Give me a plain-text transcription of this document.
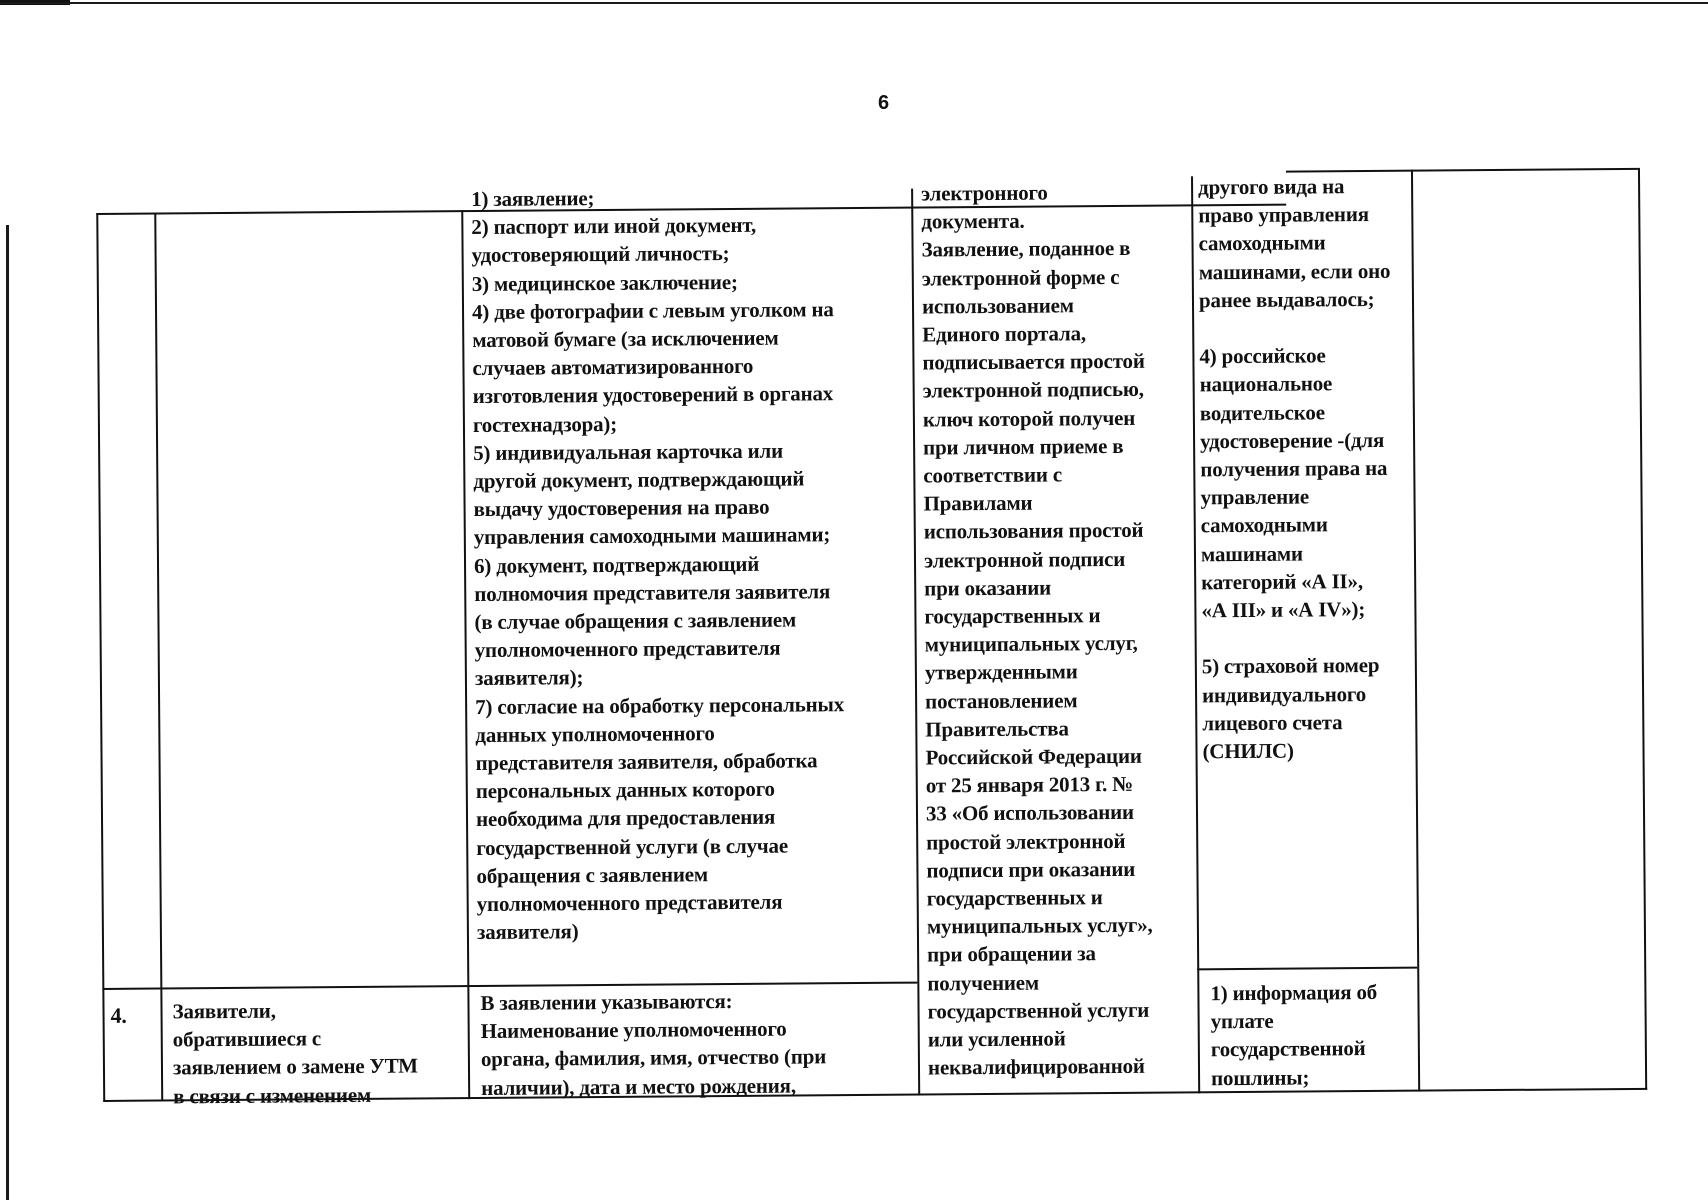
6
1) заявление;
2) паспорт или иной документ,
удостоверяющий личность;
3) медицинское заключение;
4) две фотографии с левым уголком на
матовой бумаге (за исключением
случаев автоматизированного
изготовления удостоверений в органах
гостехнадзора);
5) индивидуальная карточка или
другой документ, подтверждающий
выдачу удостоверения на право
управления самоходными машинами;
6) документ, подтверждающий
полномочия представителя заявителя
(в случае обращения с заявлением
уполномоченного представителя
заявителя);
7) согласие на обработку персональных
данных уполномоченного
представителя заявителя, обработка
персональных данных которого
необходима для предоставления
государственной услуги (в случае
обращения с заявлением
уполномоченного представителя
заявителя)
электронного
документа.
Заявление, поданное в
электронной форме с
использованием
Единого портала,
подписывается простой
электронной подписью,
ключ которой получен
при личном приеме в
соответствии с
Правилами
использования простой
электронной подписи
при оказании
государственных и
муниципальных услуг,
утвержденными
постановлением
Правительства
Российской Федерации
от 25 января 2013 г. №
33 «Об использовании
простой электронной
подписи при оказании
государственных и
муниципальных услуг»,
при обращении за
получением
государственной услуги
или усиленной
неквалифицированной
другого вида на
право управления
самоходными
машинами, если оно
ранее выдавалось;

4) российское
национальное
водительское
удостоверение -(для
получения права на
управление
самоходными
машинами
категорий «А II»,
«А III» и «А IV»);

5) страховой номер
индивидуального
лицевого счета
(СНИЛС)
4.	Заявители,
обратившиеся с
заявлением о замене УТМ
в связи с изменением
В заявлении указываются:
Наименование уполномоченного
органа, фамилия, имя, отчество (при
наличии), дата и место рождения,
1) информация об
уплате
государственной
пошлины;
